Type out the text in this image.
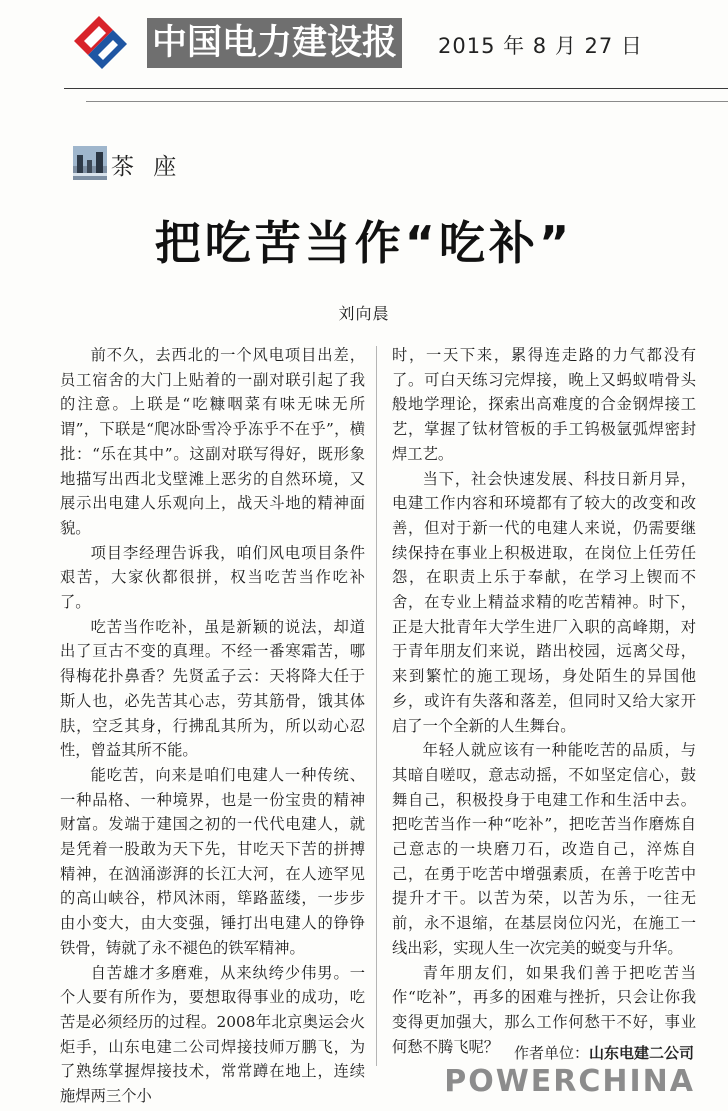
中国电力建设报 2015 年 8 月 27 日
茶 座
把吃苦当作“吃补”
刘向晨

前不久，去西北的一个风电项目出差，员工宿舍的大门上贴着的一副对联引起了我的注意。上联是“吃糠咽菜有味无味无所谓”，下联是“爬冰卧雪冷乎冻乎不在乎”，横批：“乐在其中”。这副对联写得好，既形象地描写出西北戈壁滩上恶劣的自然环境，又展示出电建人乐观向上，战天斗地的精神面貌。

项目李经理告诉我，咱们风电项目条件艰苦，大家伙都很拼，权当吃苦当作吃补了。

吃苦当作吃补，虽是新颖的说法，却道出了亘古不变的真理。不经一番寒霜苦，哪得梅花扑鼻香？先贤孟子云：天将降大任于斯人也，必先苦其心志，劳其筋骨，饿其体肤，空乏其身，行拂乱其所为，所以动心忍性，曾益其所不能。

能吃苦，向来是咱们电建人一种传统、一种品格、一种境界，也是一份宝贵的精神财富。发端于建国之初的一代代电建人，就是凭着一股敢为天下先，甘吃天下苦的拼搏精神，在汹涌澎湃的长江大河，在人迹罕见的高山峡谷，栉风沐雨，筚路蓝缕，一步步由小变大，由大变强，锤打出电建人的铮铮铁骨，铸就了永不褪色的铁军精神。

自苦雄才多磨难，从来纨绔少伟男。一个人要有所作为，要想取得事业的成功，吃苦是必须经历的过程。2008年北京奥运会火炬手，山东电建二公司焊接技师万鹏飞，为了熟练掌握焊接技术，常常蹲在地上，连续施焊两三个小

时，一天下来，累得连走路的力气都没有了。可白天练习完焊接，晚上又蚂蚁啃骨头般地学理论，探索出高难度的合金钢焊接工艺，掌握了钛材管板的手工钨极氩弧焊密封焊工艺。

当下，社会快速发展、科技日新月异，电建工作内容和环境都有了较大的改变和改善，但对于新一代的电建人来说，仍需要继续保持在事业上积极进取，在岗位上任劳任怨，在职责上乐于奉献，在学习上锲而不舍，在专业上精益求精的吃苦精神。时下，正是大批青年大学生进厂入职的高峰期，对于青年朋友们来说，踏出校园，远离父母，来到繁忙的施工现场，身处陌生的异国他乡，或许有失落和落差，但同时又给大家开启了一个全新的人生舞台。

年轻人就应该有一种能吃苦的品质，与其暗自嗟叹，意志动摇，不如坚定信心，鼓舞自己，积极投身于电建工作和生活中去。把吃苦当作一种“吃补”，把吃苦当作磨炼自己意志的一块磨刀石，改造自己，淬炼自己，在勇于吃苦中增强素质，在善于吃苦中提升才干。以苦为荣，以苦为乐，一往无前，永不退缩，在基层岗位闪光，在施工一线出彩，实现人生一次完美的蜕变与升华。

青年朋友们，如果我们善于把吃苦当作“吃补”，再多的困难与挫折，只会让你我变得更加强大，那么工作何愁干不好，事业何愁不腾飞呢？ 作者单位：山东电建二公司
POWERCHINA
